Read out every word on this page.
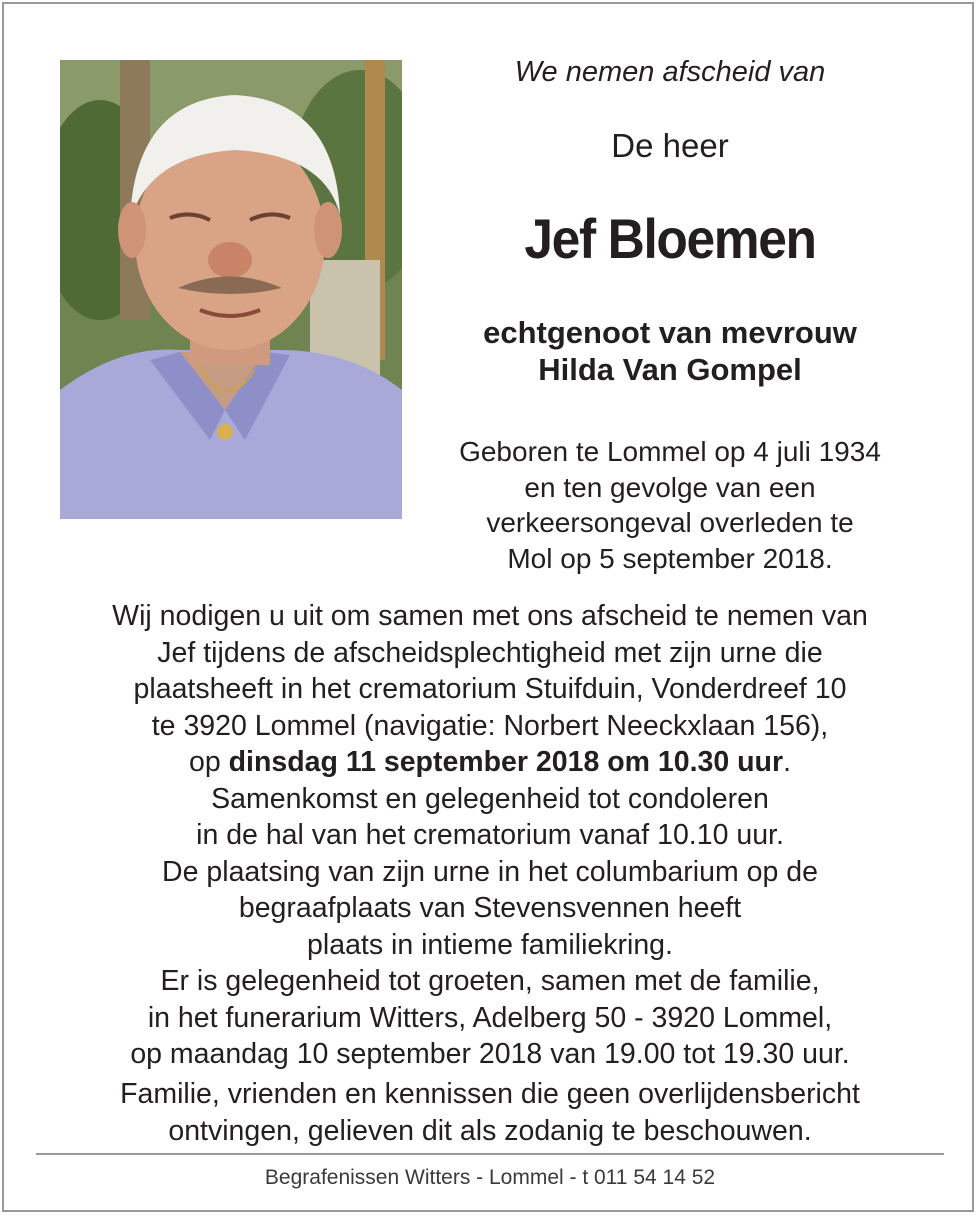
We nemen afscheid van
De heer
Jef Bloemen
echtgenoot van mevrouw
Hilda Van Gompel
Geboren te Lommel op 4 juli 1934
en ten gevolge van een
verkeersongeval overleden te
Mol op 5 september 2018.
Wij nodigen u uit om samen met ons afscheid te nemen van
Jef tijdens de afscheidsplechtigheid met zijn urne die
plaatsheeft in het crematorium Stuifduin, Vonderdreef 10
te 3920 Lommel (navigatie: Norbert Neeckxlaan 156),
op dinsdag 11 september 2018 om 10.30 uur.
Samenkomst en gelegenheid tot condoleren
in de hal van het crematorium vanaf 10.10 uur.
De plaatsing van zijn urne in het columbarium op de
begraafplaats van Stevensvennen heeft
plaats in intieme familiekring.
Er is gelegenheid tot groeten, samen met de familie,
in het funerarium Witters, Adelberg 50 - 3920 Lommel,
op maandag 10 september 2018 van 19.00 tot 19.30 uur.
Familie, vrienden en kennissen die geen overlijdensbericht
ontvingen, gelieven dit als zodanig te beschouwen.
Begrafenissen Witters - Lommel - t 011 54 14 52
